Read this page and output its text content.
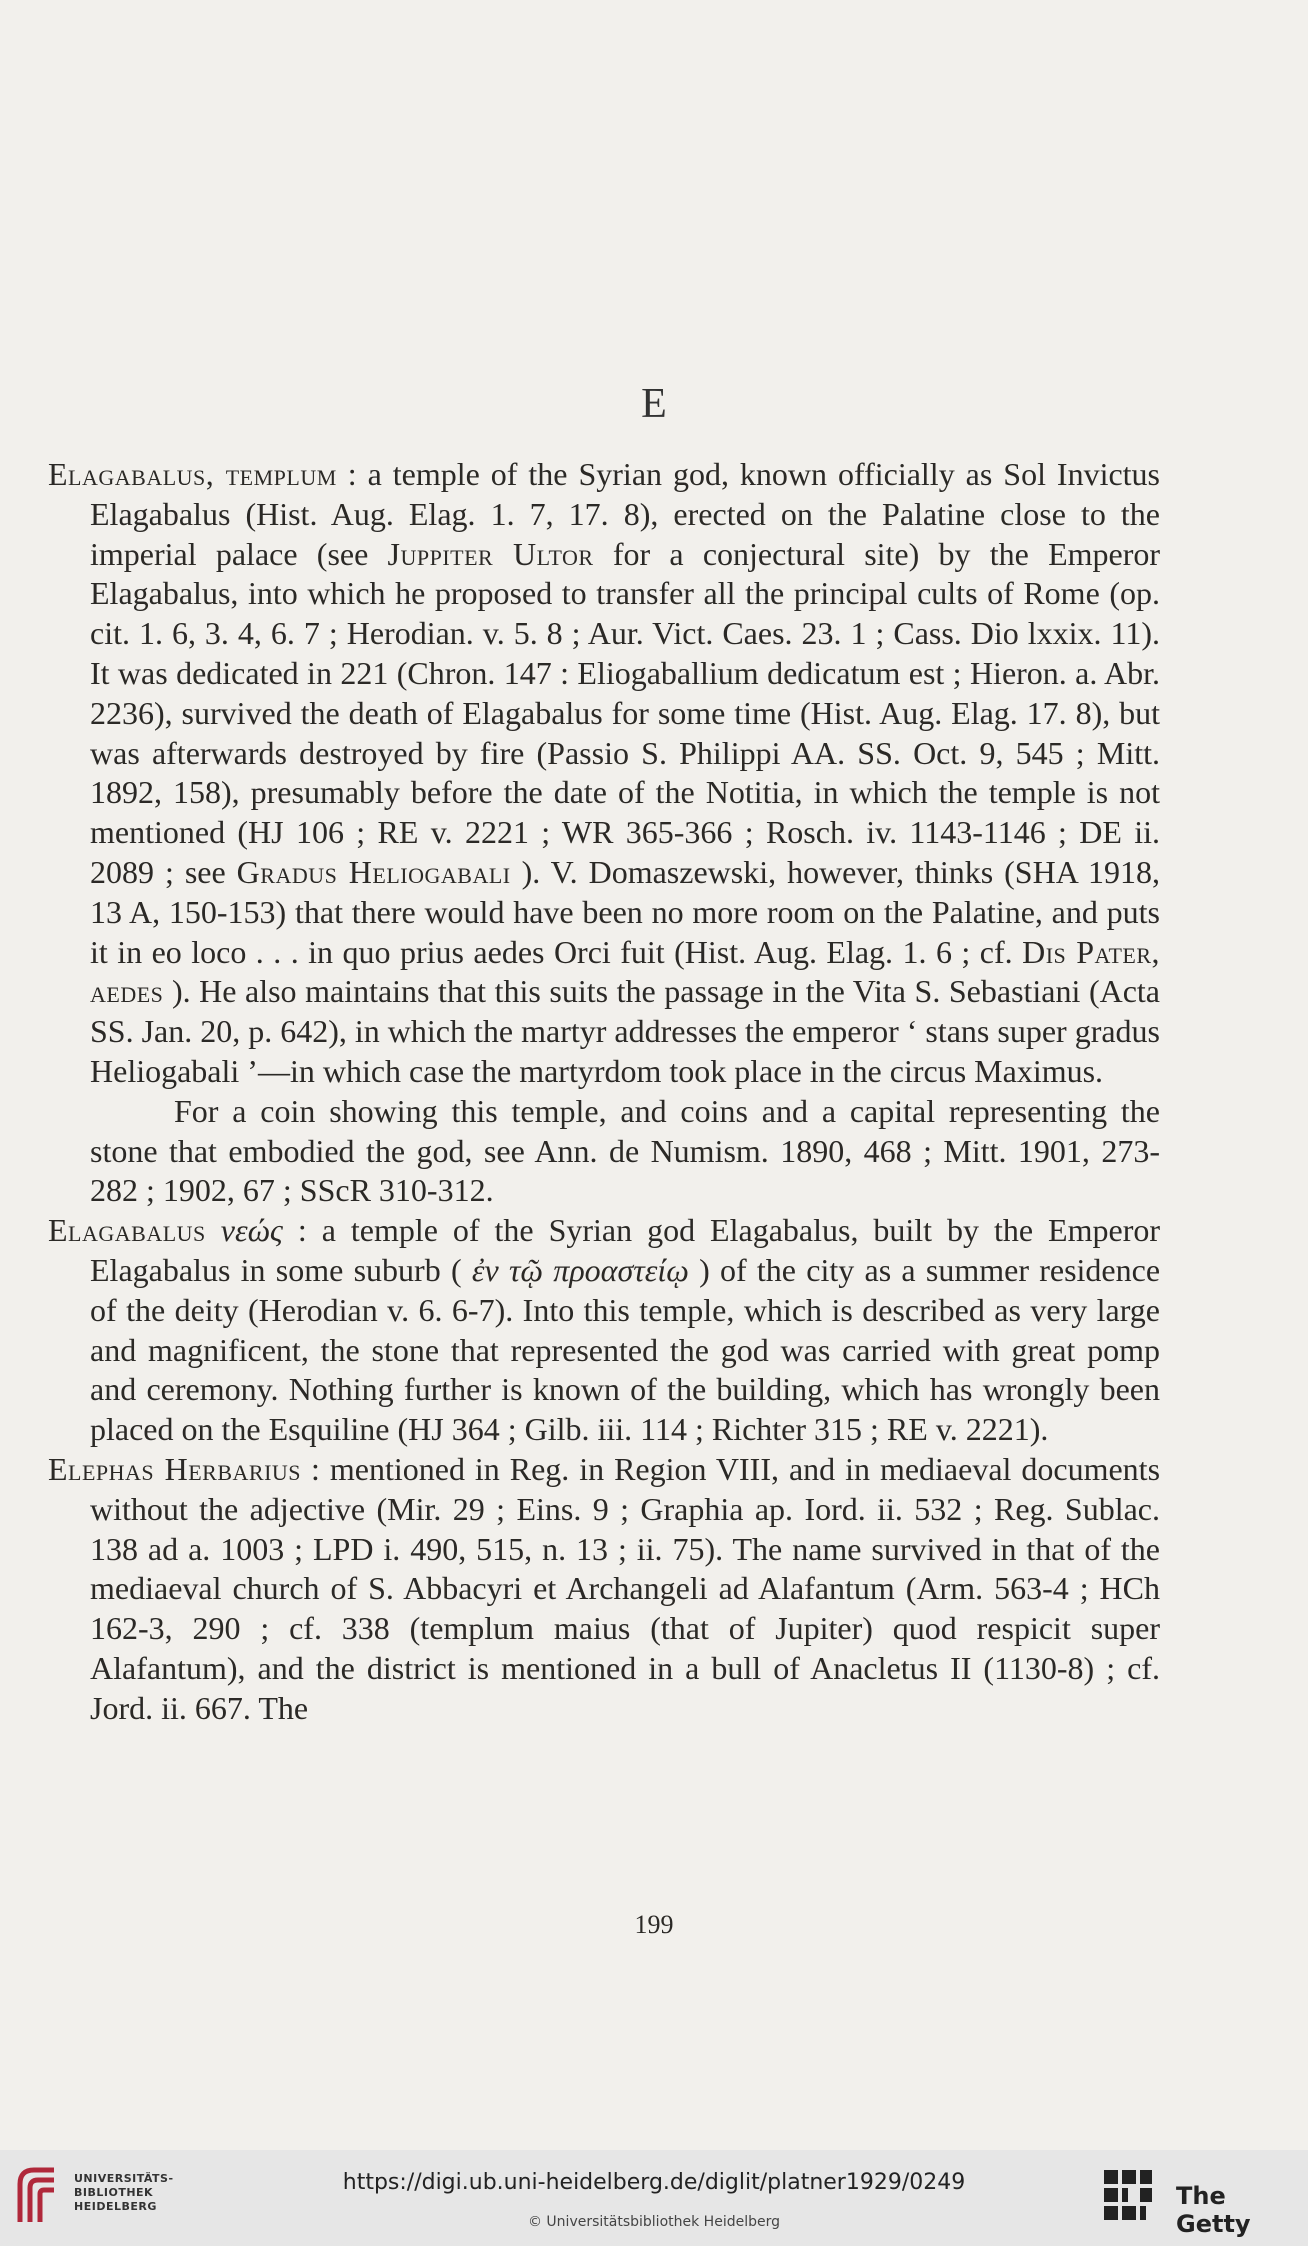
E

Elagabalus, templum : a temple of the Syrian god, known officially as Sol Invictus Elagabalus (Hist. Aug. Elag. 1. 7, 17. 8), erected on the Palatine close to the imperial palace (see Juppiter Ultor for a conjectural site) by the Emperor Elagabalus, into which he proposed to transfer all the principal cults of Rome (op. cit. 1. 6, 3. 4, 6. 7 ; Herodian. v. 5. 8 ; Aur. Vict. Caes. 23. 1 ; Cass. Dio lxxix. 11). It was dedicated in 221 (Chron. 147 : Eliogaballium dedicatum est ; Hieron. a. Abr. 2236), survived the death of Elagabalus for some time (Hist. Aug. Elag. 17. 8), but was afterwards destroyed by fire (Passio S. Philippi AA. SS. Oct. 9, 545 ; Mitt. 1892, 158), presumably before the date of the Notitia, in which the temple is not mentioned (HJ 106 ; RE v. 2221 ; WR 365-366 ; Rosch. iv. 1143-1146 ; DE ii. 2089 ; see Gradus Heliogabali ). V. Domaszewski, however, thinks (SHA 1918, 13 A, 150-153) that there would have been no more room on the Palatine, and puts it in eo loco . . . in quo prius aedes Orci fuit (Hist. Aug. Elag. 1. 6 ; cf. Dis Pater, aedes ). He also maintains that this suits the passage in the Vita S. Sebastiani (Acta SS. Jan. 20, p. 642), in which the martyr addresses the emperor ‘ stans super gradus Heliogabali ’—in which case the martyrdom took place in the circus Maximus.

For a coin showing this temple, and coins and a capital representing the stone that embodied the god, see Ann. de Numism. 1890, 468 ; Mitt. 1901, 273-282 ; 1902, 67 ; SScR 310-312.

Elagabalus νεώς : a temple of the Syrian god Elagabalus, built by the Emperor Elagabalus in some suburb ( ἐν τῷ προαστείῳ ) of the city as a summer residence of the deity (Herodian v. 6. 6-7). Into this temple, which is described as very large and magnificent, the stone that represented the god was carried with great pomp and ceremony. Nothing further is known of the building, which has wrongly been placed on the Esquiline (HJ 364 ; Gilb. iii. 114 ; Richter 315 ; RE v. 2221).

Elephas Herbarius : mentioned in Reg. in Region VIII, and in mediaeval documents without the adjective (Mir. 29 ; Eins. 9 ; Graphia ap. Iord. ii. 532 ; Reg. Sublac. 138 ad a. 1003 ; LPD i. 490, 515, n. 13 ; ii. 75). The name survived in that of the mediaeval church of S. Abbacyri et Archangeli ad Alafantum (Arm. 563-4 ; HCh 162-3, 290 ; cf. 338 (templum maius (that of Jupiter) quod respicit super Alafantum), and the district is mentioned in a bull of Anacletus II (1130-8) ; cf. Jord. ii. 667. The

199
UNIVERSITÄTS-
BIBLIOTHEK
HEIDELBERG
https://digi.ub.uni-heidelberg.de/diglit/platner1929/0249
© Universitätsbibliothek Heidelberg
The Getty
